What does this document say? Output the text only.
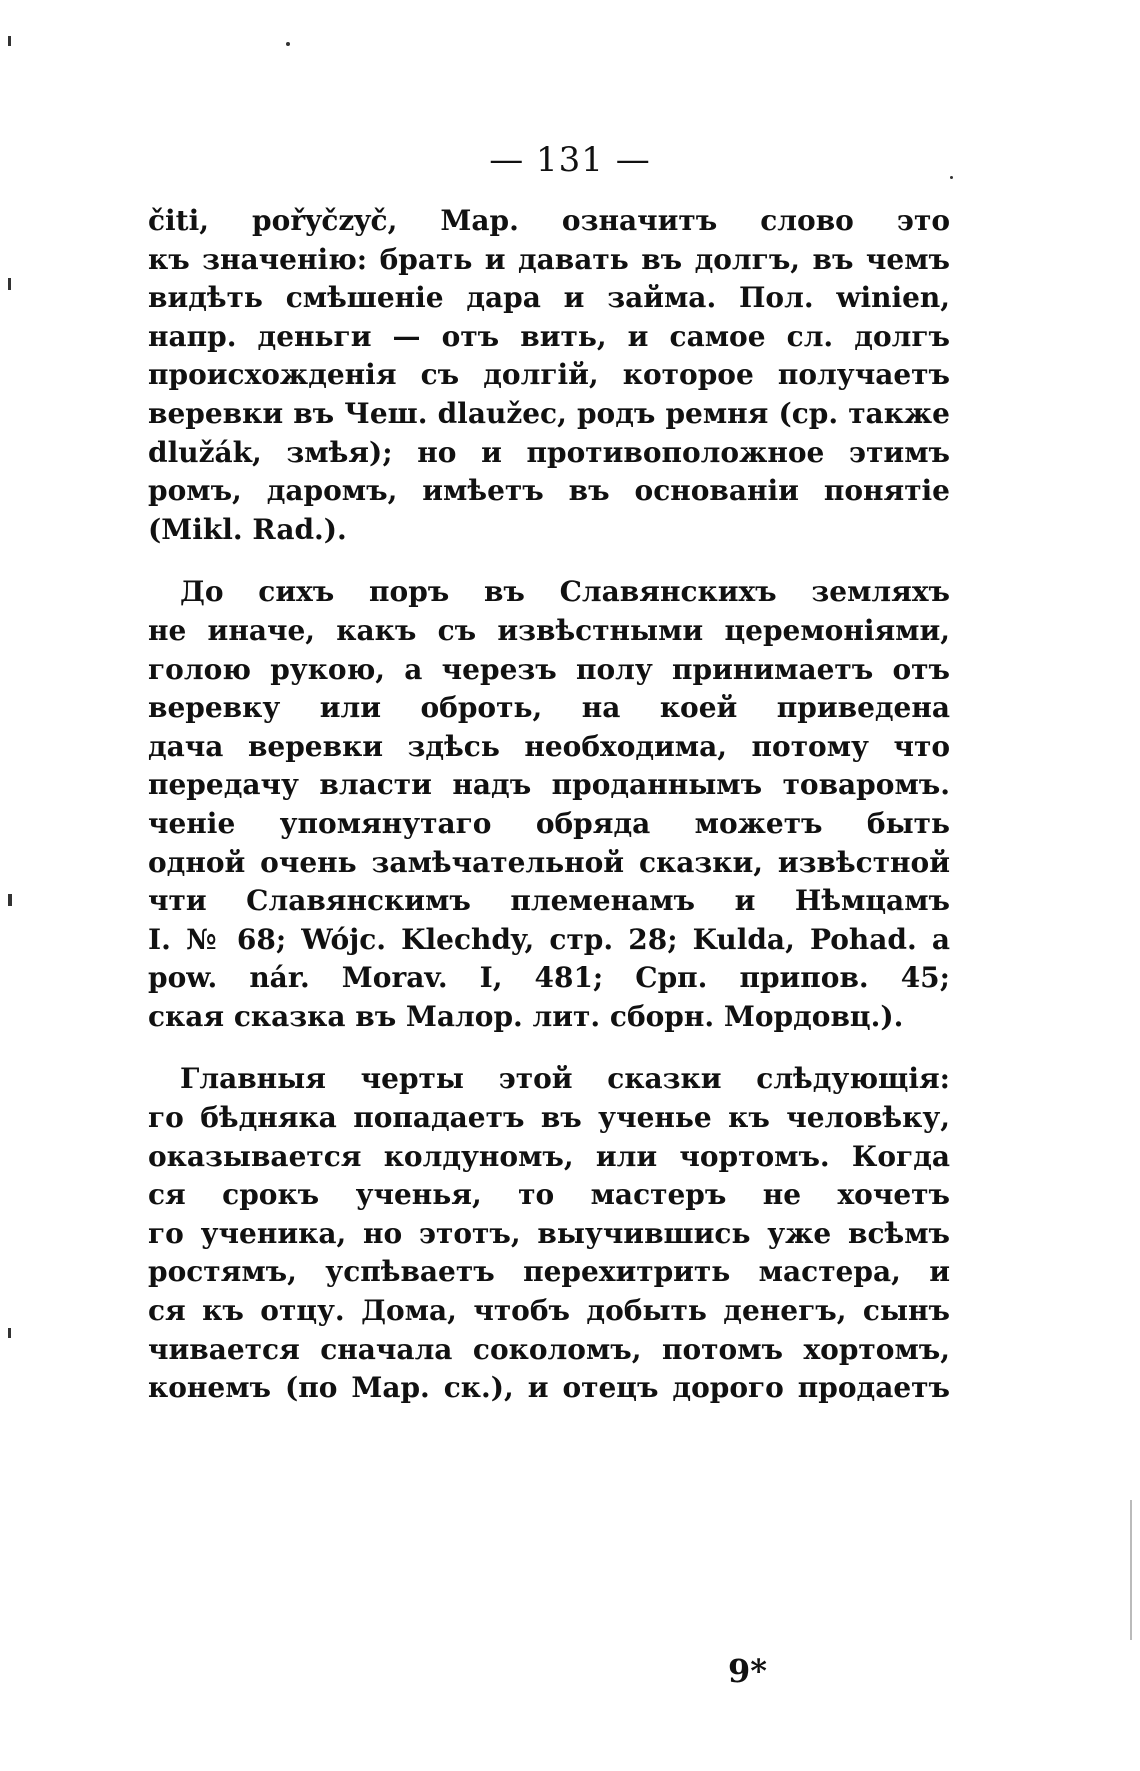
— 131 —
čiti, pořyčzyč, Мар. означитъ слово это
къ значенію: брать и давать въ долгъ, въ чемъ
видѣть смѣшеніе дара и займа. Пол. winien,
напр. деньги — отъ вить, и самое сл. долгъ
происхожденія съ долгій, которое получаетъ
веревки въ Чеш. dlaužec, родъ ремня (ср. также
dlužák, змѣя); но и противоположное этимъ
ромъ, даромъ, имѣетъ въ основаніи понятіе
(Mikl. Rad.).
До сихъ поръ въ Славянскихъ земляхъ
не иначе, какъ съ извѣстными церемоніями,
голою рукою, а черезъ полу принимаетъ отъ
веревку или оброть, на коей приведена
дача веревки здѣсь необходима, потому что
передачу власти надъ проданнымъ товаромъ.
ченіе упомянутаго обряда можетъ быть
одной очень замѣчательной сказки, извѣстной
чти Славянскимъ племенамъ и Нѣмцамъ
I. № 68; Wójc. Klechdy, стр. 28; Kulda, Pohad. a
pow. nár. Morav. I, 481; Срп. припов. 45;
ская сказка въ Малор. лит. сборн. Мордовц.).
Главныя черты этой сказки слѣдующія:
го бѣдняка попадаетъ въ ученье къ человѣку,
оказывается колдуномъ, или чортомъ. Когда
ся срокъ ученья, то мастеръ не хочетъ
го ученика, но этотъ, выучившись уже всѣмъ
ростямъ, успѣваетъ перехитрить мастера, и
ся къ отцу. Дома, чтобъ добыть денегъ, сынъ
чивается сначала соколомъ, потомъ хортомъ,
конемъ (по Мар. ск.), и отецъ дорого продаетъ
9*
